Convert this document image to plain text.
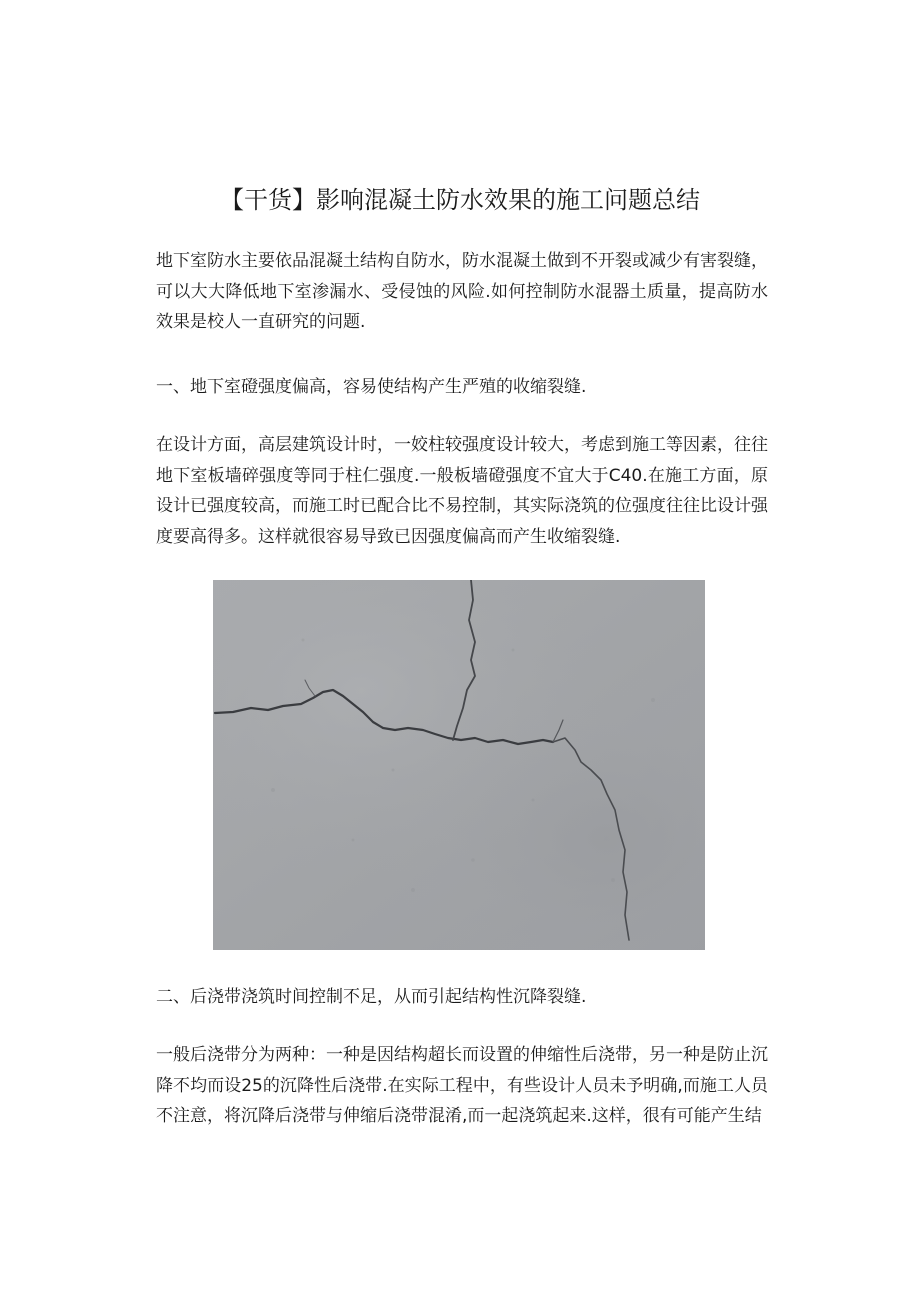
【干货】影响混凝土防水效果的施工问题总结

地下室防水主要依品混凝土结构自防水，防水混凝土做到不开裂或减少有害裂缝，可以大大降低地下室渗漏水、受侵蚀的风险.如何控制防水混器土质量，提高防水效果是校人一直研究的问题.

一、地下室磴强度偏高，容易使结构产生严殖的收缩裂缝.

在设计方面，高层建筑设计时，一姣柱较强度设计较大，考虑到施工等因素，往往地下室板墙碎强度等同于柱仁强度.一般板墙磴强度不宜大于C40.在施工方面，原设计已强度较高，而施工时已配合比不易控制，其实际浇筑的位强度往往比设计强度要高得多。这样就很容易导致已因强度偏高而产生收缩裂缝.

二、后浇带浇筑时间控制不足，从而引起结构性沉降裂缝.

一般后浇带分为两种：一种是因结构超长而设置的伸缩性后浇带，另一种是防止沉降不均而设25的沉降性后浇带.在实际工程中，有些设计人员未予明确,而施工人员不注意，将沉降后浇带与伸缩后浇带混淆,而一起浇筑起来.这样，很有可能产生结
